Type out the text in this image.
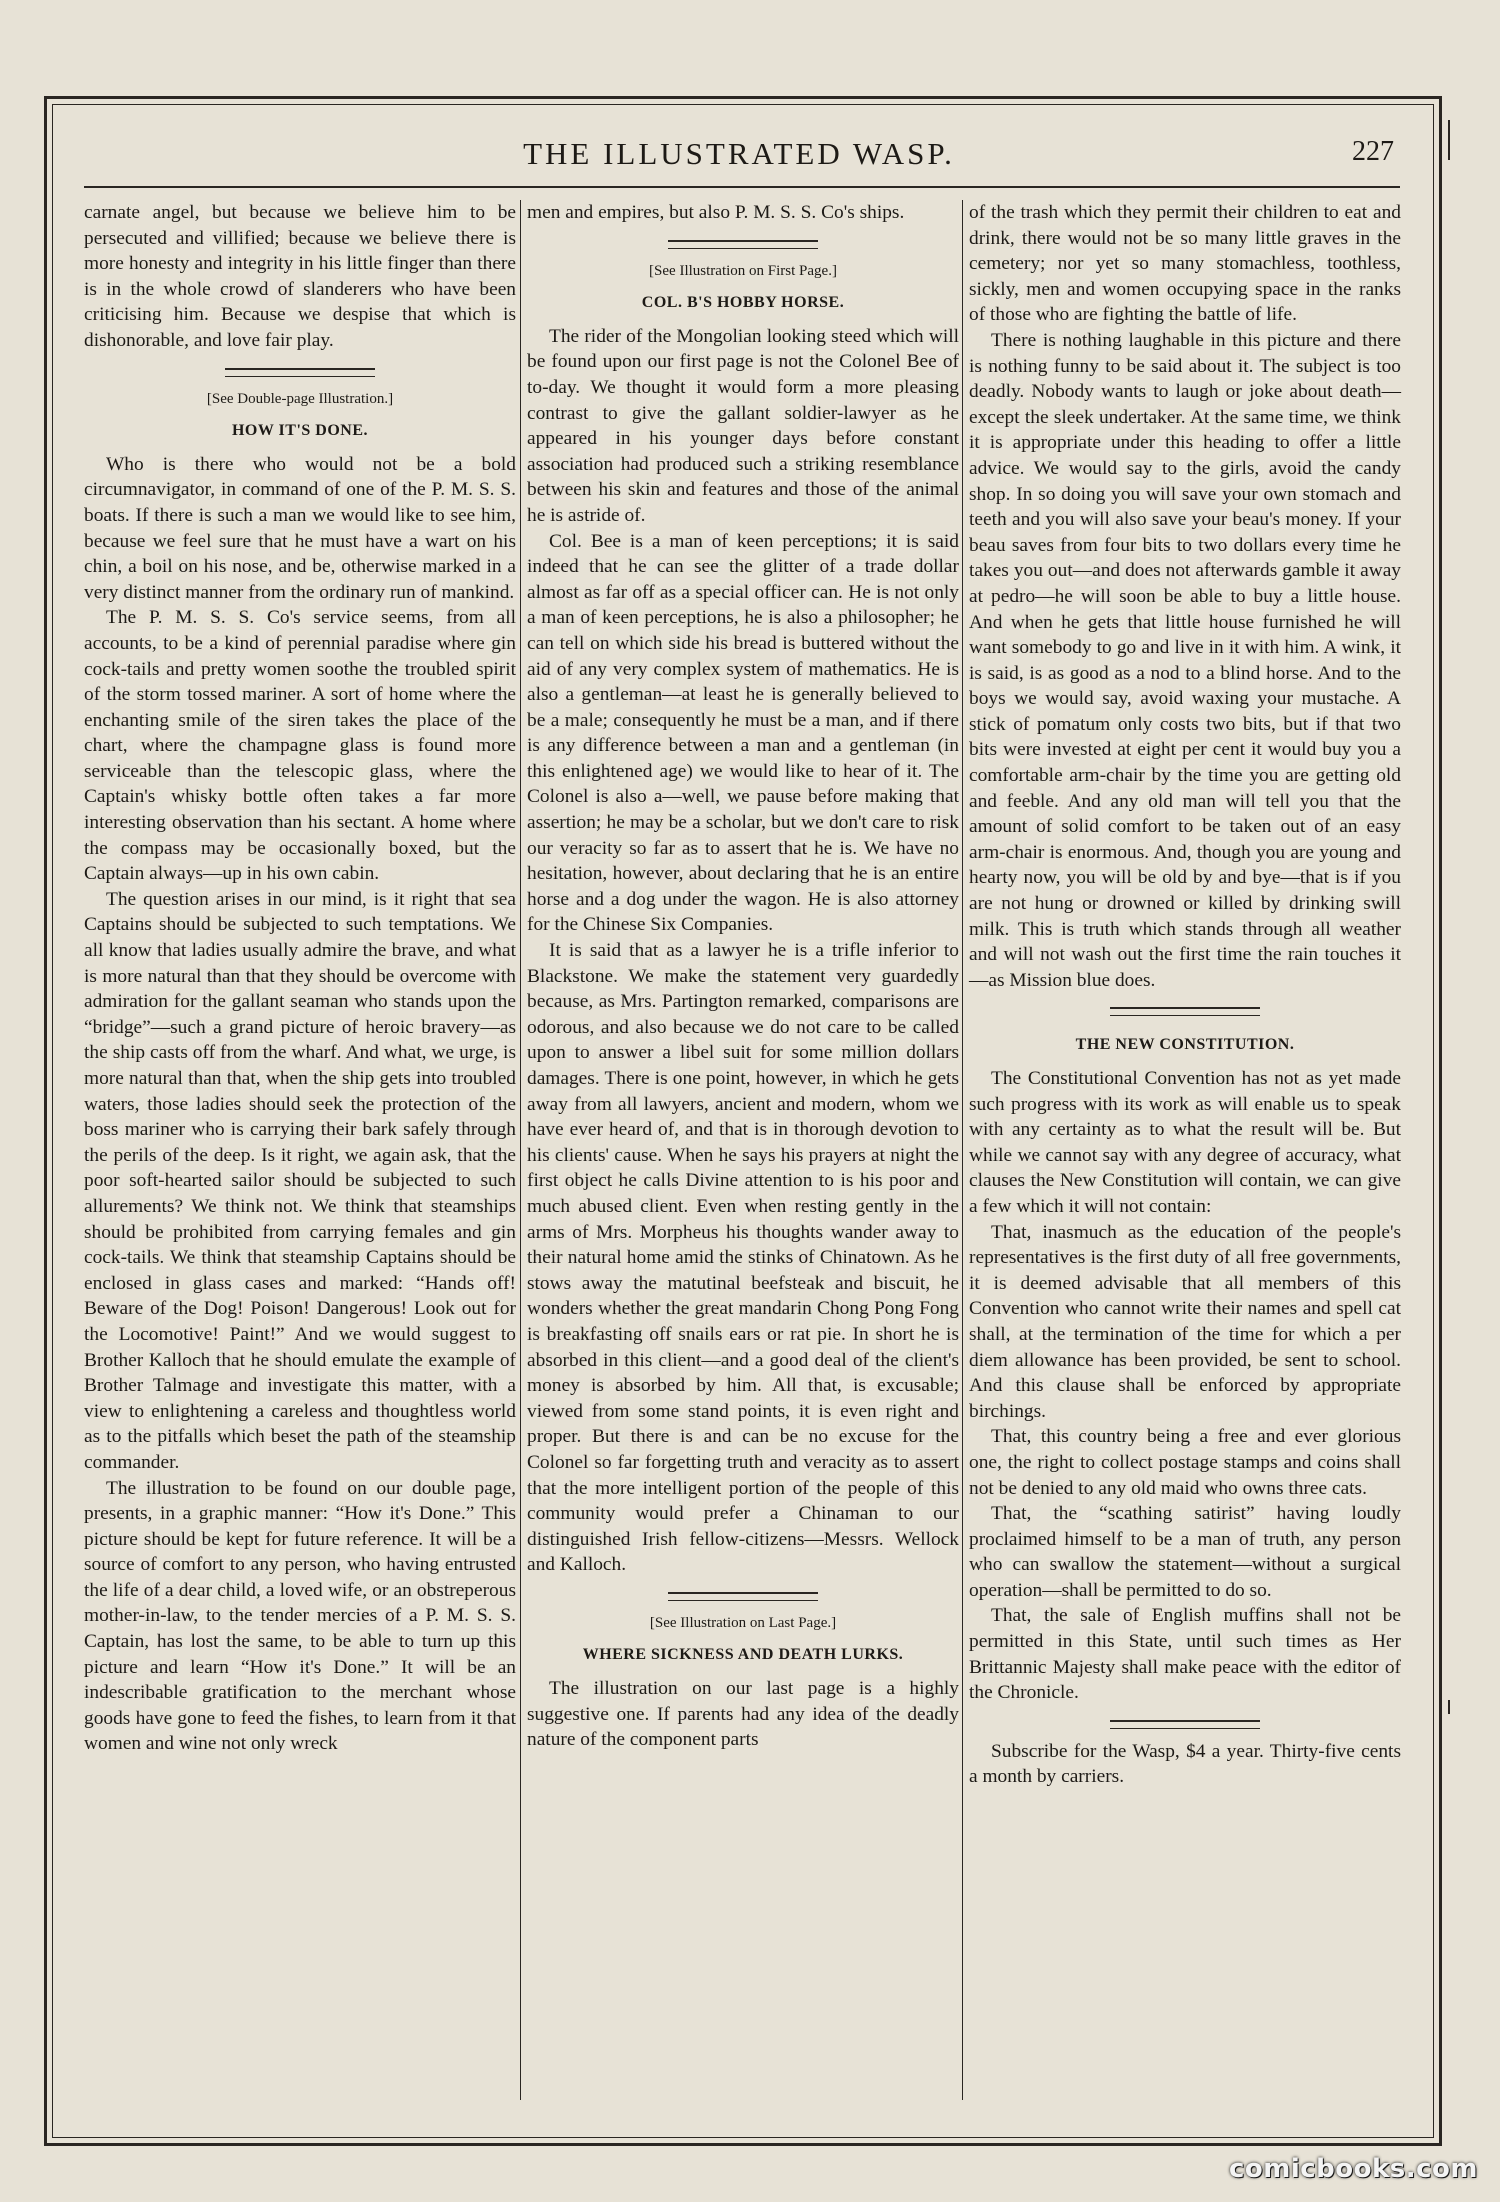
THE ILLUSTRATED WASP.	227

carnate angel, but because we believe him to be persecuted and villified; because we believe there is more honesty and integrity in his little finger than there is in the whole crowd of slanderers who have been criticising him. Because we despise that which is dishonorable, and love fair play.

[See Double-page Illustration.]
HOW IT'S DONE.

Who is there who would not be a bold circumnavigator, in command of one of the P. M. S. S. boats. If there is such a man we would like to see him, because we feel sure that he must have a wart on his chin, a boil on his nose, and be, otherwise marked in a very distinct manner from the ordinary run of mankind.

The P. M. S. S. Co's service seems, from all accounts, to be a kind of perennial paradise where gin cock-tails and pretty women soothe the troubled spirit of the storm tossed mariner. A sort of home where the enchanting smile of the siren takes the place of the chart, where the champagne glass is found more serviceable than the telescopic glass, where the Captain's whisky bottle often takes a far more interesting observation than his sectant. A home where the compass may be occasionally boxed, but the Captain always—up in his own cabin.

The question arises in our mind, is it right that sea Captains should be subjected to such temptations. We all know that ladies usually admire the brave, and what is more natural than that they should be overcome with admiration for the gallant seaman who stands upon the “bridge”—such a grand picture of heroic bravery—as the ship casts off from the wharf. And what, we urge, is more natural than that, when the ship gets into troubled waters, those ladies should seek the protection of the boss mariner who is carrying their bark safely through the perils of the deep. Is it right, we again ask, that the poor soft-hearted sailor should be subjected to such allurements? We think not. We think that steamships should be prohibited from carrying females and gin cock-tails. We think that steamship Captains should be enclosed in glass cases and marked: “Hands off! Beware of the Dog! Poison! Dangerous! Look out for the Locomotive! Paint!” And we would suggest to Brother Kalloch that he should emulate the example of Brother Talmage and investigate this matter, with a view to enlightening a careless and thoughtless world as to the pitfalls which beset the path of the steamship commander.

The illustration to be found on our double page, presents, in a graphic manner: “How it's Done.” This picture should be kept for future reference. It will be a source of comfort to any person, who having entrusted the life of a dear child, a loved wife, or an obstreperous mother-in-law, to the tender mercies of a P. M. S. S. Captain, has lost the same, to be able to turn up this picture and learn “How it's Done.” It will be an indescribable gratification to the merchant whose goods have gone to feed the fishes, to learn from it that women and wine not only wreck

men and empires, but also P. M. S. S. Co's ships.

[See Illustration on First Page.]
COL. B'S HOBBY HORSE.

The rider of the Mongolian looking steed which will be found upon our first page is not the Colonel Bee of to-day. We thought it would form a more pleasing contrast to give the gallant soldier-lawyer as he appeared in his younger days before constant association had produced such a striking resemblance between his skin and features and those of the animal he is astride of.

Col. Bee is a man of keen perceptions; it is said indeed that he can see the glitter of a trade dollar almost as far off as a special officer can. He is not only a man of keen perceptions, he is also a philosopher; he can tell on which side his bread is buttered without the aid of any very complex system of mathematics. He is also a gentleman—at least he is generally believed to be a male; consequently he must be a man, and if there is any difference between a man and a gentleman (in this enlightened age) we would like to hear of it. The Colonel is also a—well, we pause before making that assertion; he may be a scholar, but we don't care to risk our veracity so far as to assert that he is. We have no hesitation, however, about declaring that he is an entire horse and a dog under the wagon. He is also attorney for the Chinese Six Companies.

It is said that as a lawyer he is a trifle inferior to Blackstone. We make the statement very guardedly because, as Mrs. Partington remarked, comparisons are odorous, and also because we do not care to be called upon to answer a libel suit for some million dollars damages. There is one point, however, in which he gets away from all lawyers, ancient and modern, whom we have ever heard of, and that is in thorough devotion to his clients' cause. When he says his prayers at night the first object he calls Divine attention to is his poor and much abused client. Even when resting gently in the arms of Mrs. Morpheus his thoughts wander away to their natural home amid the stinks of Chinatown. As he stows away the matutinal beefsteak and biscuit, he wonders whether the great mandarin Chong Pong Fong is breakfasting off snails ears or rat pie. In short he is absorbed in this client—and a good deal of the client's money is absorbed by him. All that, is excusable; viewed from some stand points, it is even right and proper. But there is and can be no excuse for the Colonel so far forgetting truth and veracity as to assert that the more intelligent portion of the people of this community would prefer a Chinaman to our distinguished Irish fellow-citizens—Messrs. Wellock and Kalloch.

[See Illustration on Last Page.]
WHERE SICKNESS AND DEATH LURKS.

The illustration on our last page is a highly suggestive one. If parents had any idea of the deadly nature of the component parts

of the trash which they permit their children to eat and drink, there would not be so many little graves in the cemetery; nor yet so many stomachless, toothless, sickly, men and women occupying space in the ranks of those who are fighting the battle of life.

There is nothing laughable in this picture and there is nothing funny to be said about it. The subject is too deadly. Nobody wants to laugh or joke about death—except the sleek undertaker. At the same time, we think it is appropriate under this heading to offer a little advice. We would say to the girls, avoid the candy shop. In so doing you will save your own stomach and teeth and you will also save your beau's money. If your beau saves from four bits to two dollars every time he takes you out—and does not afterwards gamble it away at pedro—he will soon be able to buy a little house. And when he gets that little house furnished he will want somebody to go and live in it with him. A wink, it is said, is as good as a nod to a blind horse. And to the boys we would say, avoid waxing your mustache. A stick of pomatum only costs two bits, but if that two bits were invested at eight per cent it would buy you a comfortable arm-chair by the time you are getting old and feeble. And any old man will tell you that the amount of solid comfort to be taken out of an easy arm-chair is enormous. And, though you are young and hearty now, you will be old by and bye—that is if you are not hung or drowned or killed by drinking swill milk. This is truth which stands through all weather and will not wash out the first time the rain touches it—as Mission blue does.

THE NEW CONSTITUTION.

The Constitutional Convention has not as yet made such progress with its work as will enable us to speak with any certainty as to what the result will be. But while we cannot say with any degree of accuracy, what clauses the New Constitution will contain, we can give a few which it will not contain:

That, inasmuch as the education of the people's representatives is the first duty of all free governments, it is deemed advisable that all members of this Convention who cannot write their names and spell cat shall, at the termination of the time for which a per diem allowance has been provided, be sent to school. And this clause shall be enforced by appropriate birchings.

That, this country being a free and ever glorious one, the right to collect postage stamps and coins shall not be denied to any old maid who owns three cats.

That, the “scathing satirist” having loudly proclaimed himself to be a man of truth, any person who can swallow the statement—without a surgical operation—shall be permitted to do so.

That, the sale of English muffins shall not be permitted in this State, until such times as Her Brittannic Majesty shall make peace with the editor of the Chronicle.

Subscribe for the Wasp, $4 a year. Thirty-five cents a month by carriers.

comicbooks.com
